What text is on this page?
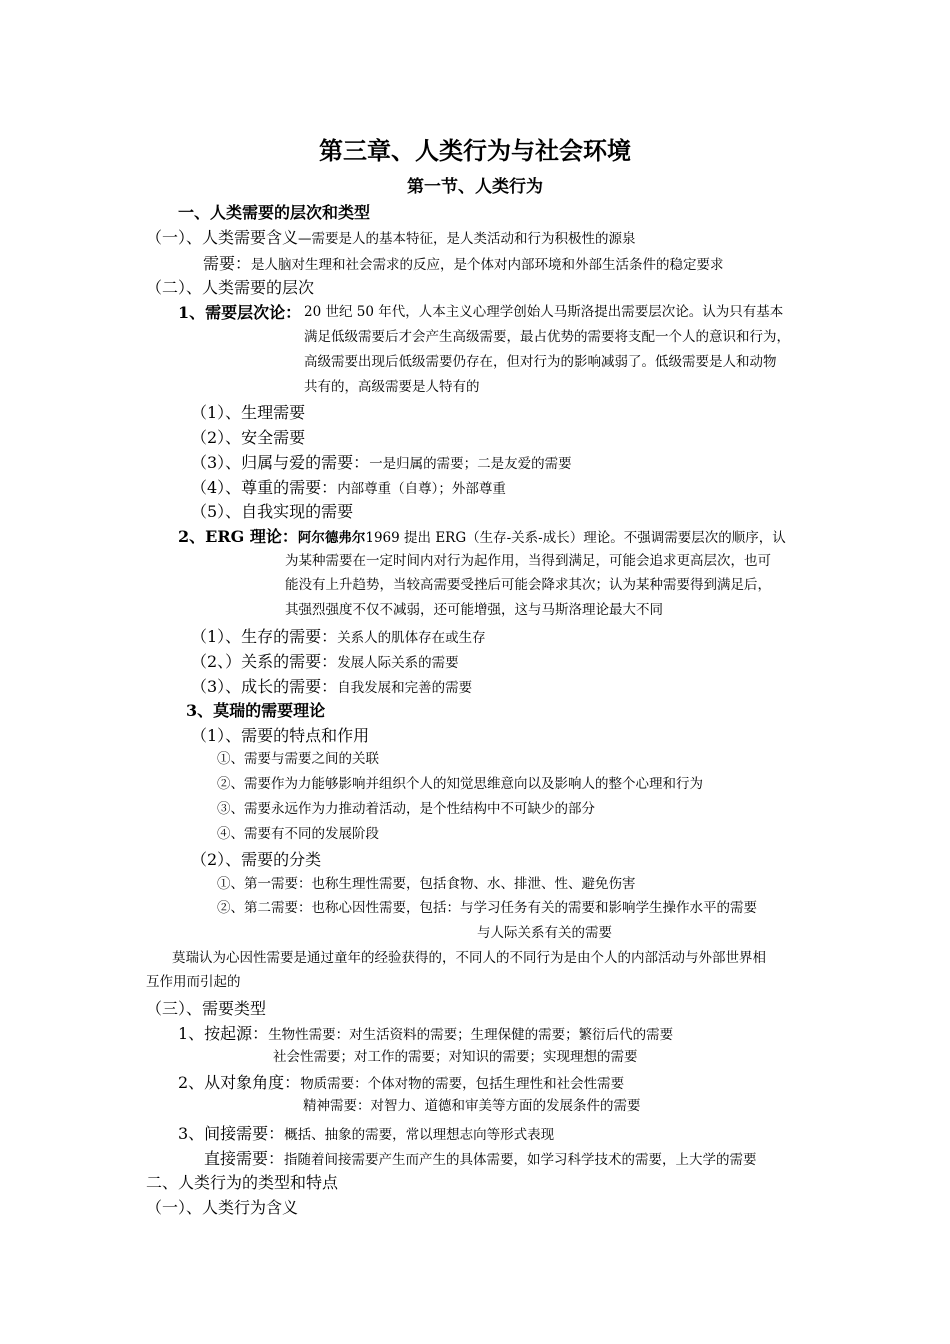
第三章、人类行为与社会环境
第一节、人类行为
一、人类需要的层次和类型
（一）、人类需要含义—需要是人的基本特征，是人类活动和行为积极性的源泉
需要：是人脑对生理和社会需求的反应，是个体对内部环境和外部生活条件的稳定要求
（二）、人类需要的层次
1、需要层次论： 20 世纪 50 年代，人本主义心理学创始人马斯洛提出需要层次论。认为只有基本
满足低级需要后才会产生高级需要，最占优势的需要将支配一个人的意识和行为，
高级需要出现后低级需要仍存在，但对行为的影响减弱了。低级需要是人和动物
共有的，高级需要是人特有的
（1）、生理需要
（2）、安全需要
（3）、归属与爱的需要：一是归属的需要；二是友爱的需要
（4）、尊重的需要：内部尊重（自尊）；外部尊重
（5）、自我实现的需要
2、ERG 理论：阿尔德弗尔1969 提出 ERG（生存-关系-成长）理论。不强调需要层次的顺序，认
为某种需要在一定时间内对行为起作用，当得到满足，可能会追求更高层次，也可
能没有上升趋势，当较高需要受挫后可能会降求其次；认为某种需要得到满足后，
其强烈强度不仅不减弱，还可能增强，这与马斯洛理论最大不同
（1）、生存的需要：关系人的肌体存在或生存
（2、）关系的需要：发展人际关系的需要
（3）、成长的需要：自我发展和完善的需要
3、莫瑞的需要理论
（1）、需要的特点和作用
①、需要与需要之间的关联
②、需要作为力能够影响并组织个人的知觉思维意向以及影响人的整个心理和行为
③、需要永远作为力推动着活动，是个性结构中不可缺少的部分
④、需要有不同的发展阶段
（2）、需要的分类
①、第一需要：也称生理性需要，包括食物、水、排泄、性、避免伤害
②、第二需要：也称心因性需要，包括：与学习任务有关的需要和影响学生操作水平的需要
与人际关系有关的需要
莫瑞认为心因性需要是通过童年的经验获得的，不同人的不同行为是由个人的内部活动与外部世界相
互作用而引起的
（三）、需要类型
1、按起源：生物性需要：对生活资料的需要；生理保健的需要；繁衍后代的需要
社会性需要；对工作的需要；对知识的需要；实现理想的需要
2、从对象角度：物质需要：个体对物的需要，包括生理性和社会性需要
精神需要：对智力、道德和审美等方面的发展条件的需要
3、间接需要：概括、抽象的需要，常以理想志向等形式表现
直接需要：指随着间接需要产生而产生的具体需要，如学习科学技术的需要，上大学的需要
二、人类行为的类型和特点
（一）、人类行为含义
